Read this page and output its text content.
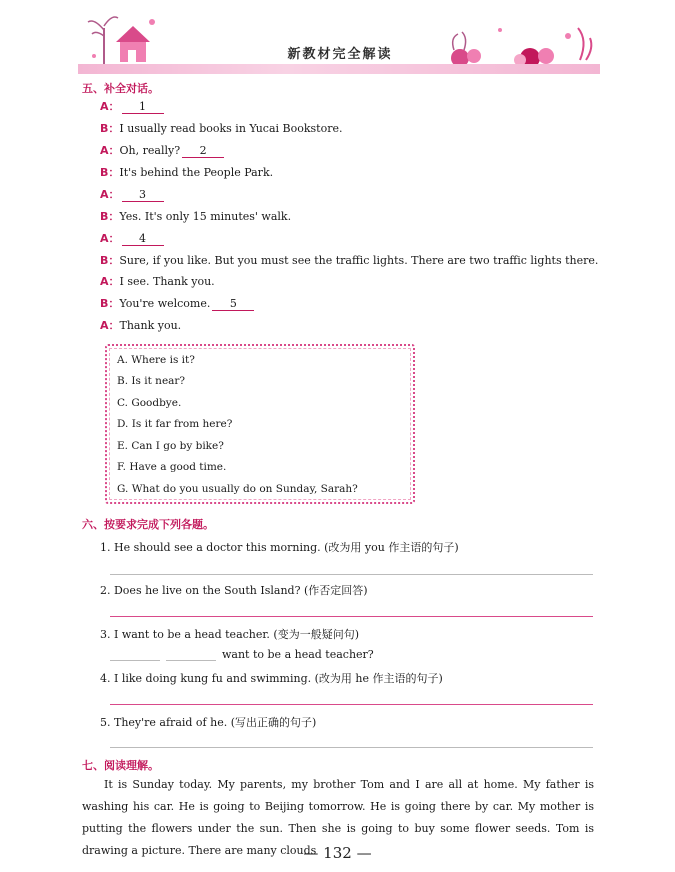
新教材完全解读
五、补全对话。
A： 1
B：I usually read books in Yucai Bookstore.
A：Oh, really? 2
B：It's behind the People Park.
A： 3
B：Yes. It's only 15 minutes' walk.
A： 4
B：Sure, if you like. But you must see the traffic lights. There are two traffic lights there.
A：I see. Thank you.
B：You're welcome. 5
A：Thank you.
A. Where is it?
B. Is it near?
C. Goodbye.
D. Is it far from here?
E. Can I go by bike?
F. Have a good time.
G. What do you usually do on Sunday, Sarah?
六、按要求完成下列各题。
1. He should see a doctor this morning. (改为用 you 作主语的句子)
2. Does he live on the South Island? (作否定回答)
3. I want to be a head teacher. (变为一般疑问句)
want to be a head teacher?
4. I like doing kung fu and swimming. (改为用 he 作主语的句子)
5. They're afraid of he. (写出正确的句子)
七、阅读理解。
It is Sunday today. My parents, my brother Tom and I are all at home. My father is washing his car. He is going to Beijing tomorrow. He is going there by car. My mother is putting the flowers under the sun. Then she is going to buy some flower seeds. Tom is drawing a picture. There are many clouds
— 132 —
